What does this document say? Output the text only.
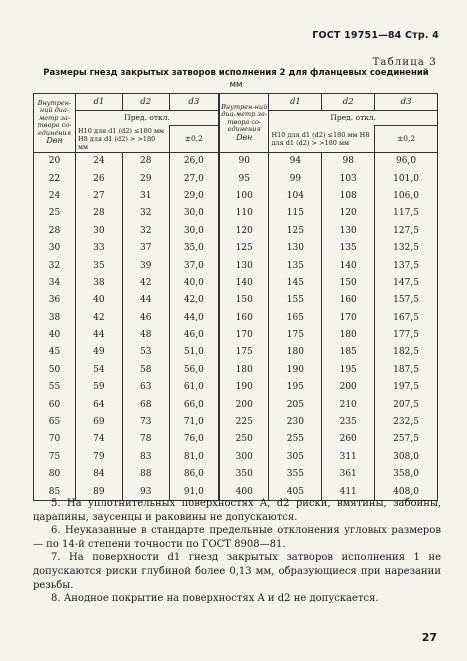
ГОСТ 19751—84 Стр. 4
Таблица 3
Размеры гнезд закрытых затворов исполнения 2 для фланцевых соединений
мм
Внутрен-ний диа-метр за-твора со-единения
Dвн	d1	d2	d3	Внутрен-ний диа-метр за-твора со-единения
Dвн	d1	d2	d3
	Пред. откл.				Пред. откл.		
	H10 для d1 (d2) ≤180 мм H8 для d1 (d2) > >180 мм		±0,2		H10 для d1 (d2) ≤180 мм H8 для d1 (d2) > >180 мм		±0,2
20	24	28	26,0	90	94	98	96,0
22	26	29	27,0	95	99	103	101,0
24	27	31	29,0	100	104	108	106,0
25	28	32	30,0	110	115	120	117,5
28	30	32	30,0	120	125	130	127,5
30	33	37	35,0	125	130	135	132,5
32	35	39	37,0	130	135	140	137,5
34	38	42	40,0	140	145	150	147,5
36	40	44	42,0	150	155	160	157,5
38	42	46	44,0	160	165	170	167,5
40	44	48	46,0	170	175	180	177,5
45	49	53	51,0	175	180	185	182,5
50	54	58	56,0	180	190	195	187,5
55	59	63	61,0	190	195	200	197,5
60	64	68	66,0	200	205	210	207,5
65	69	73	71,0	225	230	235	232,5
70	74	78	76,0	250	255	260	257,5
75	79	83	81,0	300	305	311	308,0
80	84	88	86,0	350	355	361	358,0
85	89	93	91,0	400	405	411	408,0

5. На уплотнительных поверхностях A, d2 риски, вмятины, забоины, царапины, заусенцы и раковины не допускаются.

6. Неуказанные в стандарте предельные отклонения угловых размеров — по 14-й степени точности по ГОСТ 8908—81.

7. На поверхности d1 гнезд закрытых затворов исполнения 1 не допускаются риски глубиной более 0,13 мм, образующиеся при нарезании резьбы.

8. Анодное покрытие на поверхностях A и d2 не допускается.

27
